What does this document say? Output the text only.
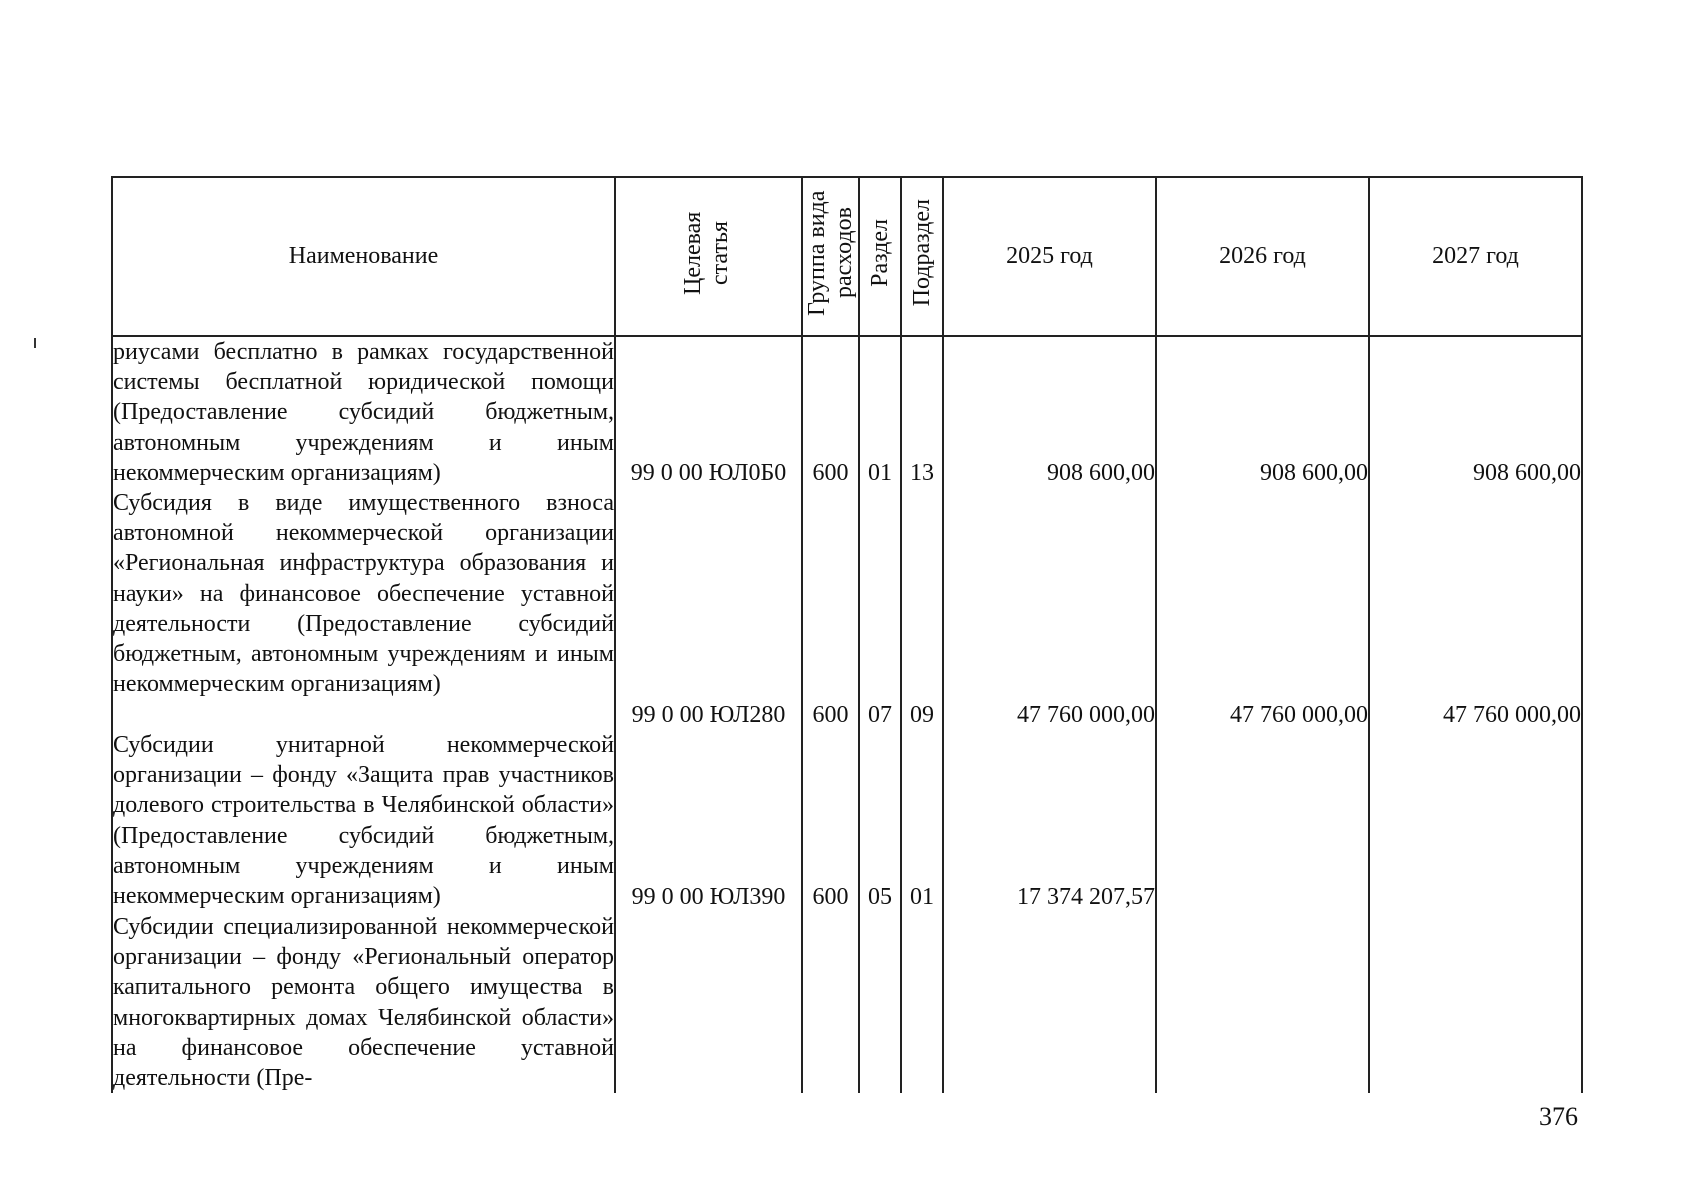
Наименование	Целевая статья	Группа вида расходов	Раздел	Подраздел	2025 год	2026 год	2027 год
риусами бесплатно в рамках государственной системы бесплатной юридической помощи (Предоставление субсидий бюджетным, автономным учреждениям и иным некоммерческим организациям)	99 0 00 ЮЛ0Б0	600	01	13	908 600,00	908 600,00	908 600,00
Субсидия в виде имущественного взноса автономной некоммерческой организации «Региональная инфраструктура образования и науки» на финансовое обеспечение уставной деятельности (Предоставление субсидий бюджетным, автономным учреждениям и иным некоммерческим организациям)	99 0 00 ЮЛ280	600	07	09	47 760 000,00	47 760 000,00	47 760 000,00
Субсидии унитарной некоммерческой организации – фонду «Защита прав участников долевого строительства в Челябинской области» (Предоставление субсидий бюджетным, автономным учреждениям и иным некоммерческим организациям)	99 0 00 ЮЛ390	600	05	01	17 374 207,57		
Субсидии специализированной некоммерческой организации – фонду «Региональный оператор капитального ремонта общего имущества в многоквартирных домах Челябинской области» на финансовое обеспечение уставной деятельности (Пре-							
376
